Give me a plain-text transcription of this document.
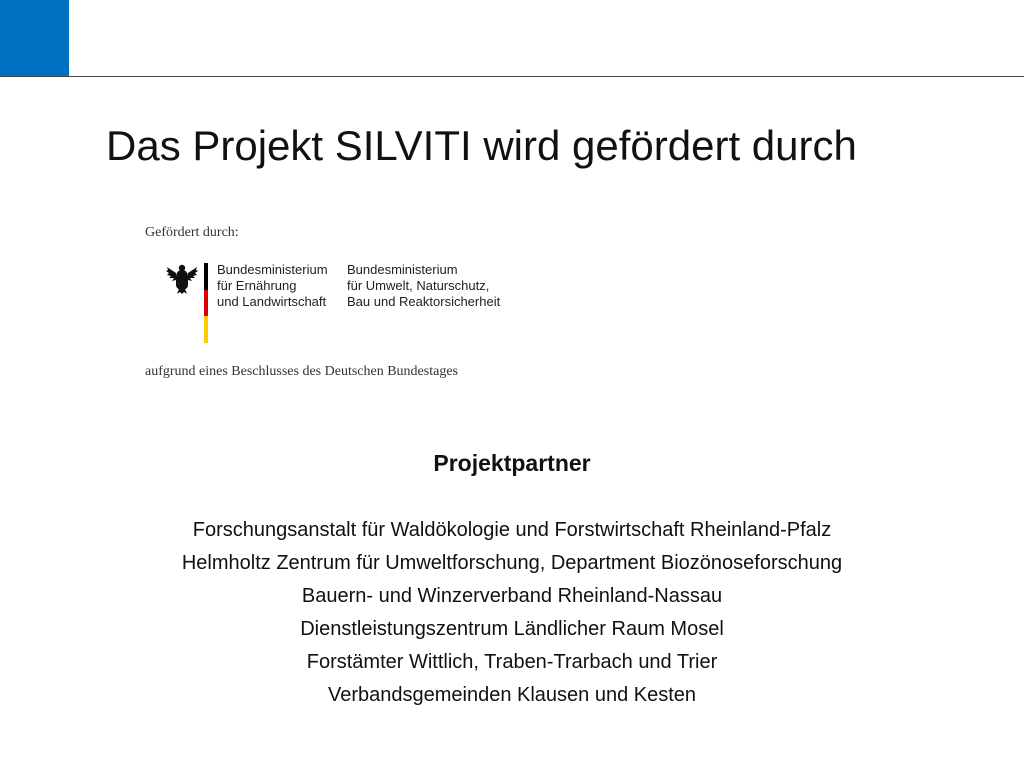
Das Projekt SILVITI wird gefördert durch
Gefördert durch:
Bundesministerium
für Ernährung
und Landwirtschaft
Bundesministerium
für Umwelt, Naturschutz,
Bau und Reaktorsicherheit
aufgrund eines Beschlusses des Deutschen Bundestages
Projektpartner
Forschungsanstalt für Waldökologie und Forstwirtschaft Rheinland-Pfalz
Helmholtz Zentrum für Umweltforschung, Department Biozönoseforschung
Bauern- und Winzerverband Rheinland-Nassau
Dienstleistungszentrum Ländlicher Raum Mosel
Forstämter Wittlich, Traben-Trarbach und Trier
Verbandsgemeinden Klausen und Kesten
